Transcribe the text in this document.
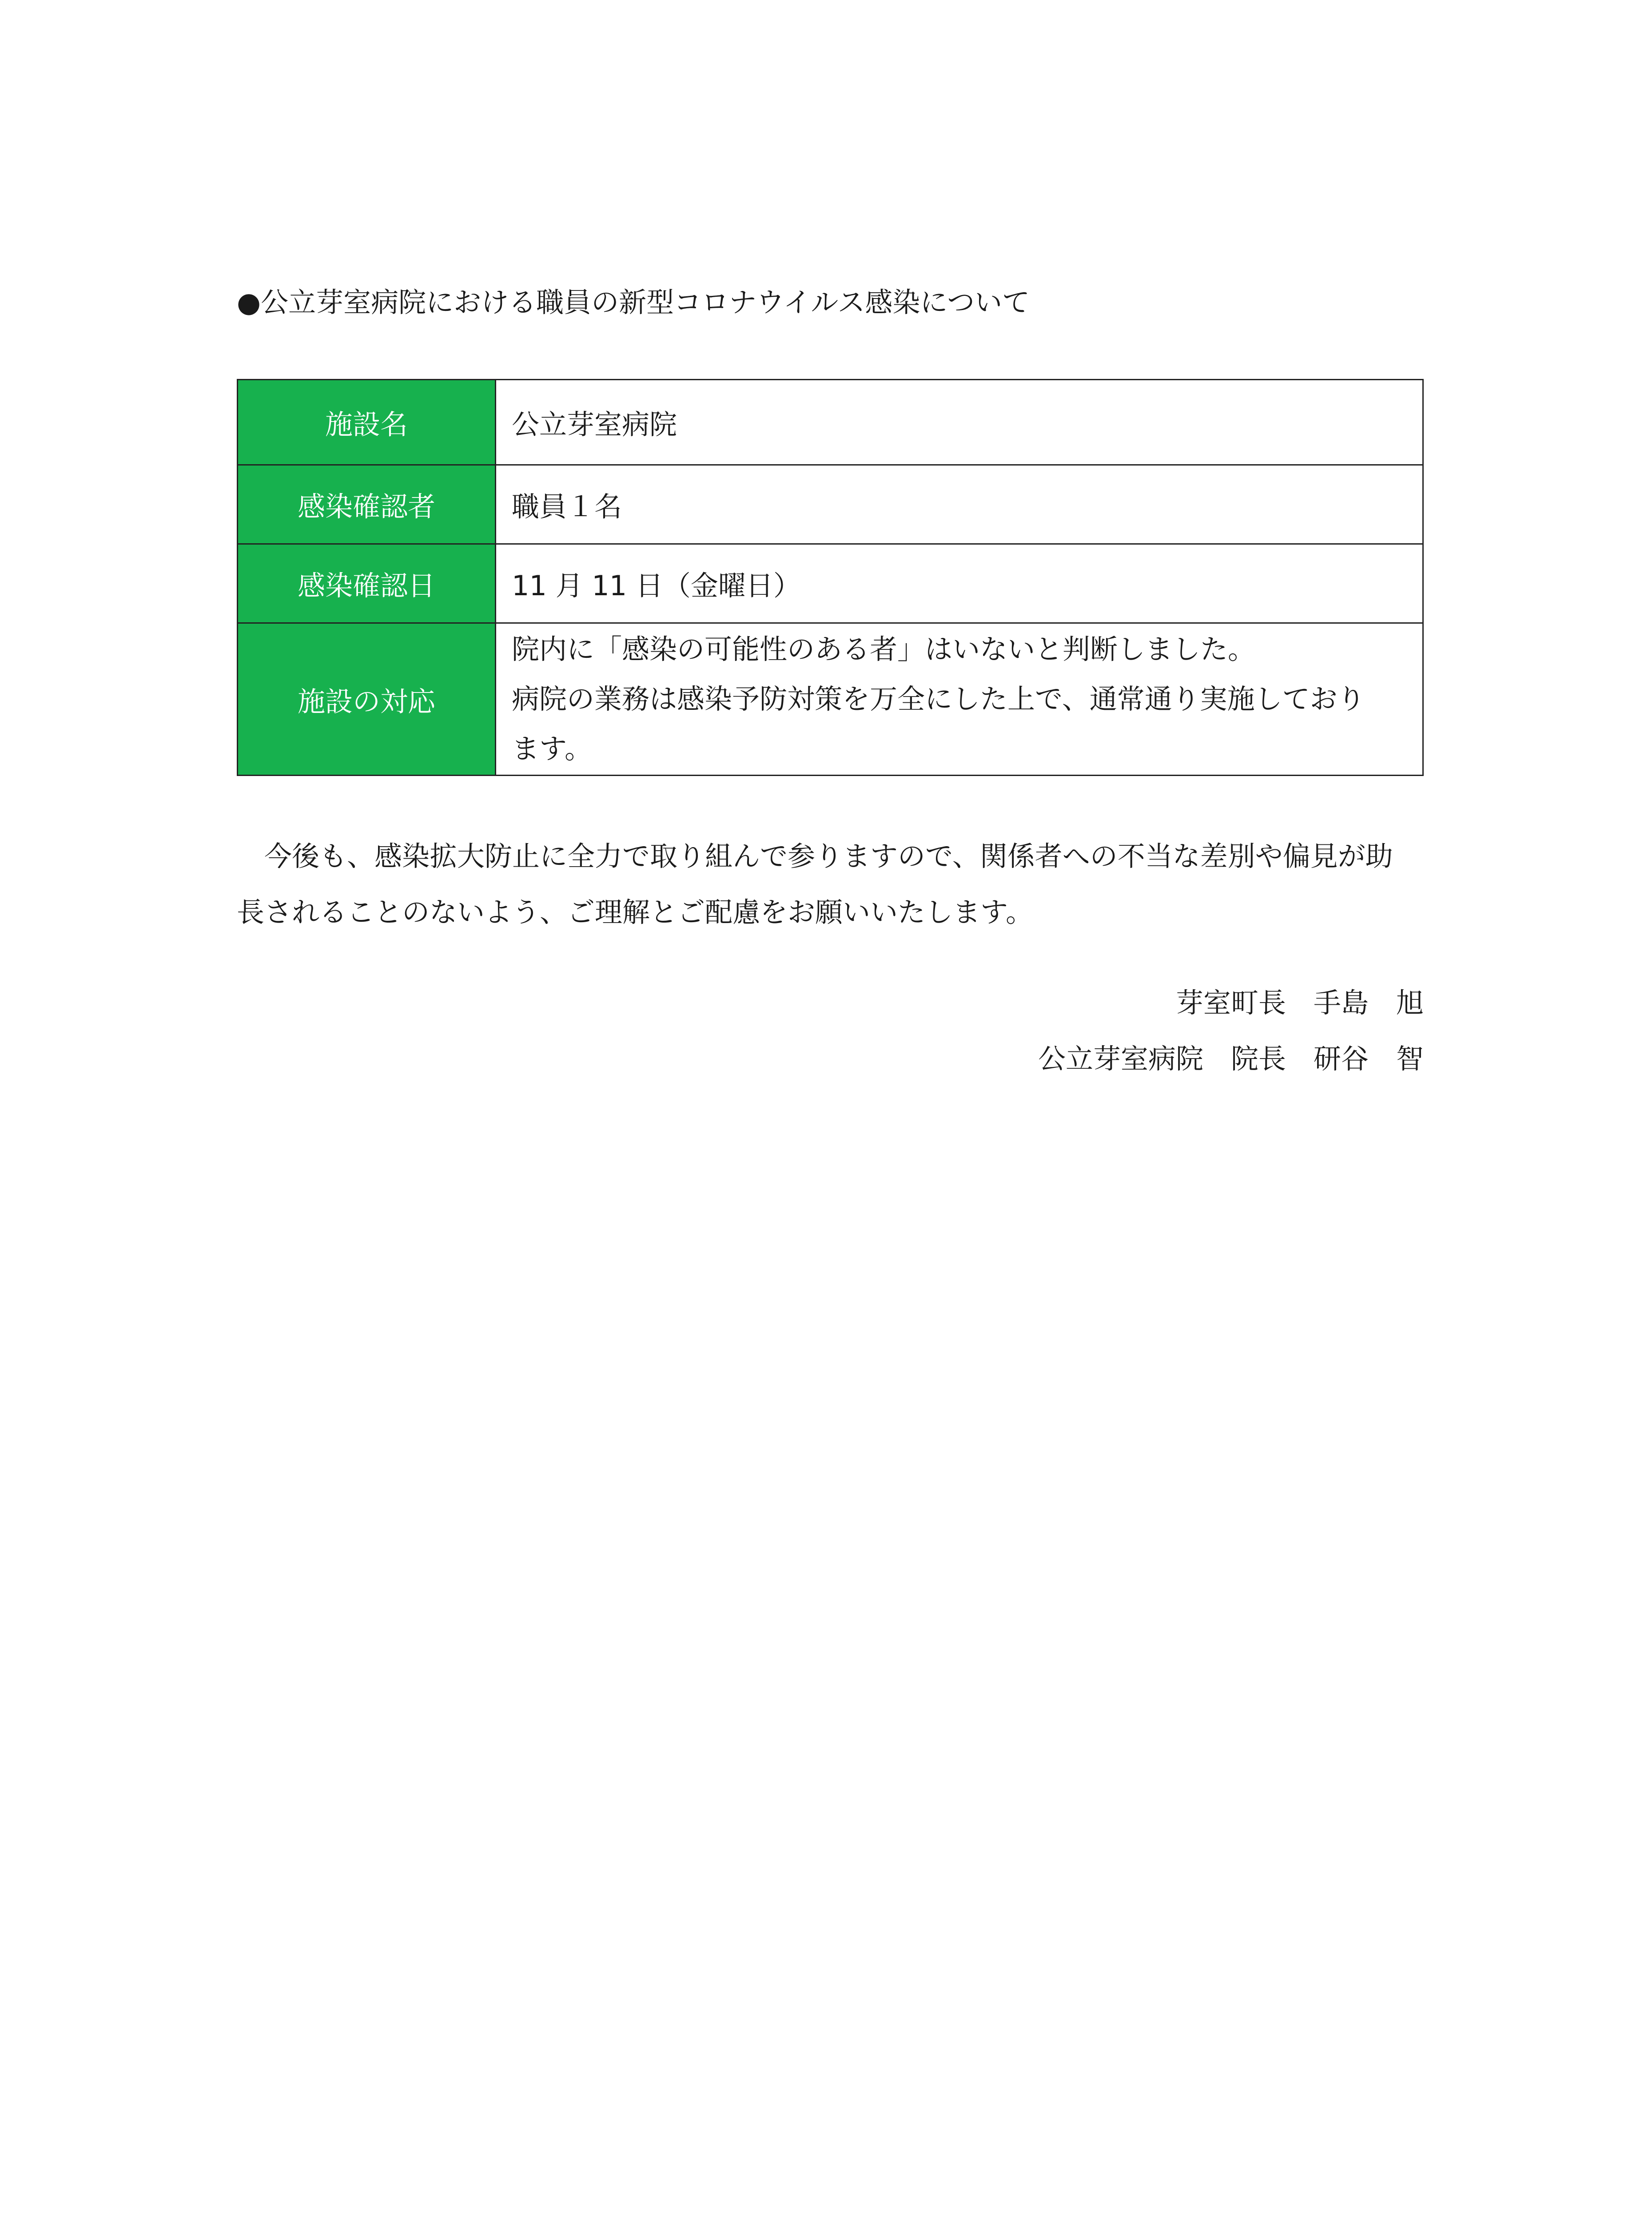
●公立芽室病院における職員の新型コロナウイルス感染について
施設名	公立芽室病院
感染確認者	職員１名
感染確認日	11 月 11 日（金曜日）
施設の対応	院内に「感染の可能性のある者」はいないと判断しました。
病院の業務は感染予防対策を万全にした上で、通常通り実施しており
ます。

今後も、感染拡大防止に全力で取り組んで参りますので、関係者への不当な差別や偏見が助

長されることのないよう、ご理解とご配慮をお願いいたします。

芽室町長　手島　旭
公立芽室病院　院長　研谷　智
